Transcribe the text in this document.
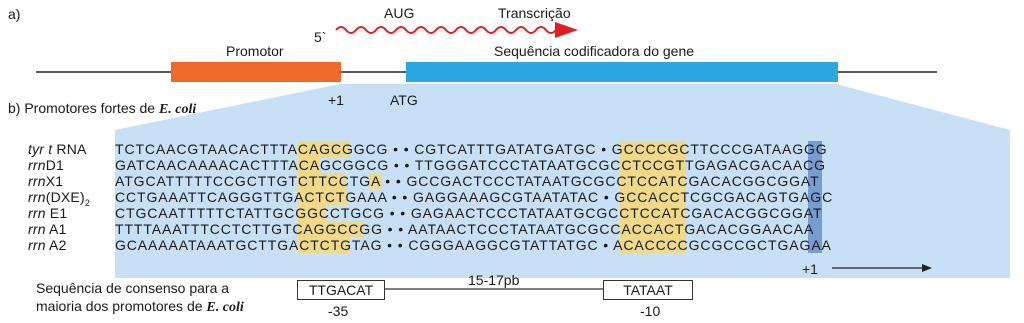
a)	AUG	Transcrição
5`
Promotor	Sequência codificadora do gene
+1	ATG
b) Promotores fortes de E. coli
tyr t RNA TCTCAACGTAACACTTTACAGCGGCG • • CGTCATTTGATATGATGC • GCCCCGCTTCCCGATAAGGG
rrnD1	GATCAACAAAACACTTTACAGCGGCG • • TTGGGATCCCTATAATGCGCCTCCGTTGAGACGACAACG
rrnX1	ATGCATTTTTCCGCTTGTCTTCCTGA • • GCCGACTCCCTATAATGCGCCTCCATCGACACGGCGGAT
$rrn(DXE)_2$ CCTGAAATTCAGGGTTGACTCTGAAA • • GAGGAAAGCGTAATATAC • GCCACCTCGCGACAGTGAGC
rrn E1	CTGCAATTTTTCTATTGCGGCCTGCG • • GAGAACTCCCTATAATGCGCCTCCATCGACACGGCGGAT
rrn A1	TTTTAAATTTCCTCTTGTCAGGCCGG • • AATAACTCCCTATAATGCGCCACCACTGACACGGAACAA
rrn A2	GCAAAAATAAATGCTTGACTCTGTAG • • CGGGAAGGCGTATTATGC • ACACCCCGCGCCGCTGAGAA
+1
Sequência de consenso para a
maioria dos promotores de E. coli
TTGACAT	TATAAT
15-17pb
-35	-10
